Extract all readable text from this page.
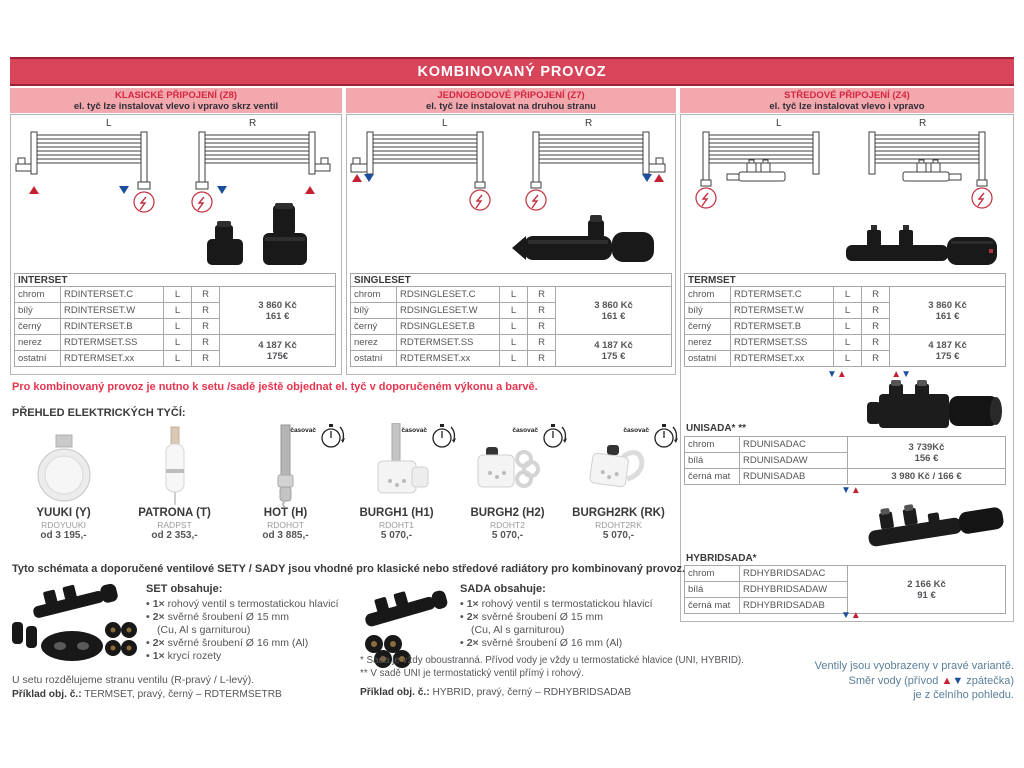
KOMBINOVANÝ PROVOZ
KLASICKÉ PŘIPOJENÍ (Z8)
el. tyč lze instalovat vlevo i vpravo skrz ventil
JEDNOBODOVÉ PŘIPOJENÍ (Z7)
el. tyč lze instalovat na druhou stranu
STŘEDOVÉ PŘIPOJENÍ (Z4)
el. tyč lze instalovat vlevo i vpravo
L	R
INTERSET				
chrom	RDINTERSET.C	L	R	3 860 Kč
161 €

bílý	RDINTERSET.W	L	R	
černý	RDINTERSET.B	L	R	
nerez	RDTERMSET.SS	L	R	4 187 Kč
175€

ostatní	RDTERMSET.xx	L	R	
L	R
SINGLESET				
chrom	RDSINGLESET.C	L	R	3 860 Kč
161 €

bílý	RDSINGLESET.W	L	R	
černý	RDSINGLESET.B	L	R	
nerez	RDTERMSET.SS	L	R	4 187 Kč
175 €

ostatní	RDTERMSET.xx	L	R	
L	R
TERMSET				
chrom	RDTERMSET.C	L	R	3 860 Kč
161 €

bílý	RDTERMSET.W	L	R	
černý	RDTERMSET.B	L	R	
nerez	RDTERMSET.SS	L	R	4 187 Kč
175 €

ostatní	RDTERMSET.xx	L	R	
▼▲	▲▼
UNISADA* **
chrom	RDUNISADAC	3 739Kč
156 €

bílá	RDUNISADAW	
černá mat	RDUNISADAB	3 980 Kč / 166 €
▼ ▲
HYBRIDSADA*
chrom	RDHYBRIDSADAC	2 166 Kč
91 €

bílá	RDHYBRIDSADAW	
černá mat	RDHYBRIDSADAB	
▼ ▲
Pro kombinovaný provoz je nutno k setu /sadě ještě objednat el. tyč v doporučeném výkonu a barvě.
PŘEHLED ELEKTRICKÝCH TYČÍ:
YUUKI (Y)
RDOYUUKI
od 3 195,-
PATRONA (T)
RADPST
od 2 353,-
časovač
HOT (H)
RDOHOT
od 3 885,-
časovač
BURGH1 (H1)
RDOHT1
5 070,-
časovač
BURGH2 (H2)
RDOHT2
5 070,-
časovač
BURGH2RK (RK)
RDOHT2RK
5 070,-
Tyto schémata a doporučené ventilové SETY / SADY jsou vhodné pro klasické nebo středové radiátory pro kombinovaný provoz.
SET obsahuje:
• 1× rohový ventil s termostatickou hlavicí
• 2× svěrné šroubení Ø 15 mm
(Cu, Al s garniturou)
• 2× svěrné šroubení Ø 16 mm (Al)
• 1× krycí rozety
SADA obsahuje:
• 1× rohový ventil s termostatickou hlavicí
• 2× svěrné šroubení Ø 15 mm
(Cu, Al s garniturou)
• 2× svěrné šroubení Ø 16 mm (Al)
* Sada je vždy oboustranná. Přívod vody je vždy u termostatické hlavice (UNI, HYBRID).
** V sadě UNI je termostatický ventil přímý i rohový.
Příklad obj. č.: HYBRID, pravý, černý – RDHYBRIDSADAB
U setu rozdělujeme stranu ventilu (R-pravý / L-levý).
Příklad obj. č.: TERMSET, pravý, černý – RDTERMSETRB
Ventily jsou vyobrazeny v pravé variantě.
Směr vody (přívod ▲▼ zpátečka)
je z čelního pohledu.
